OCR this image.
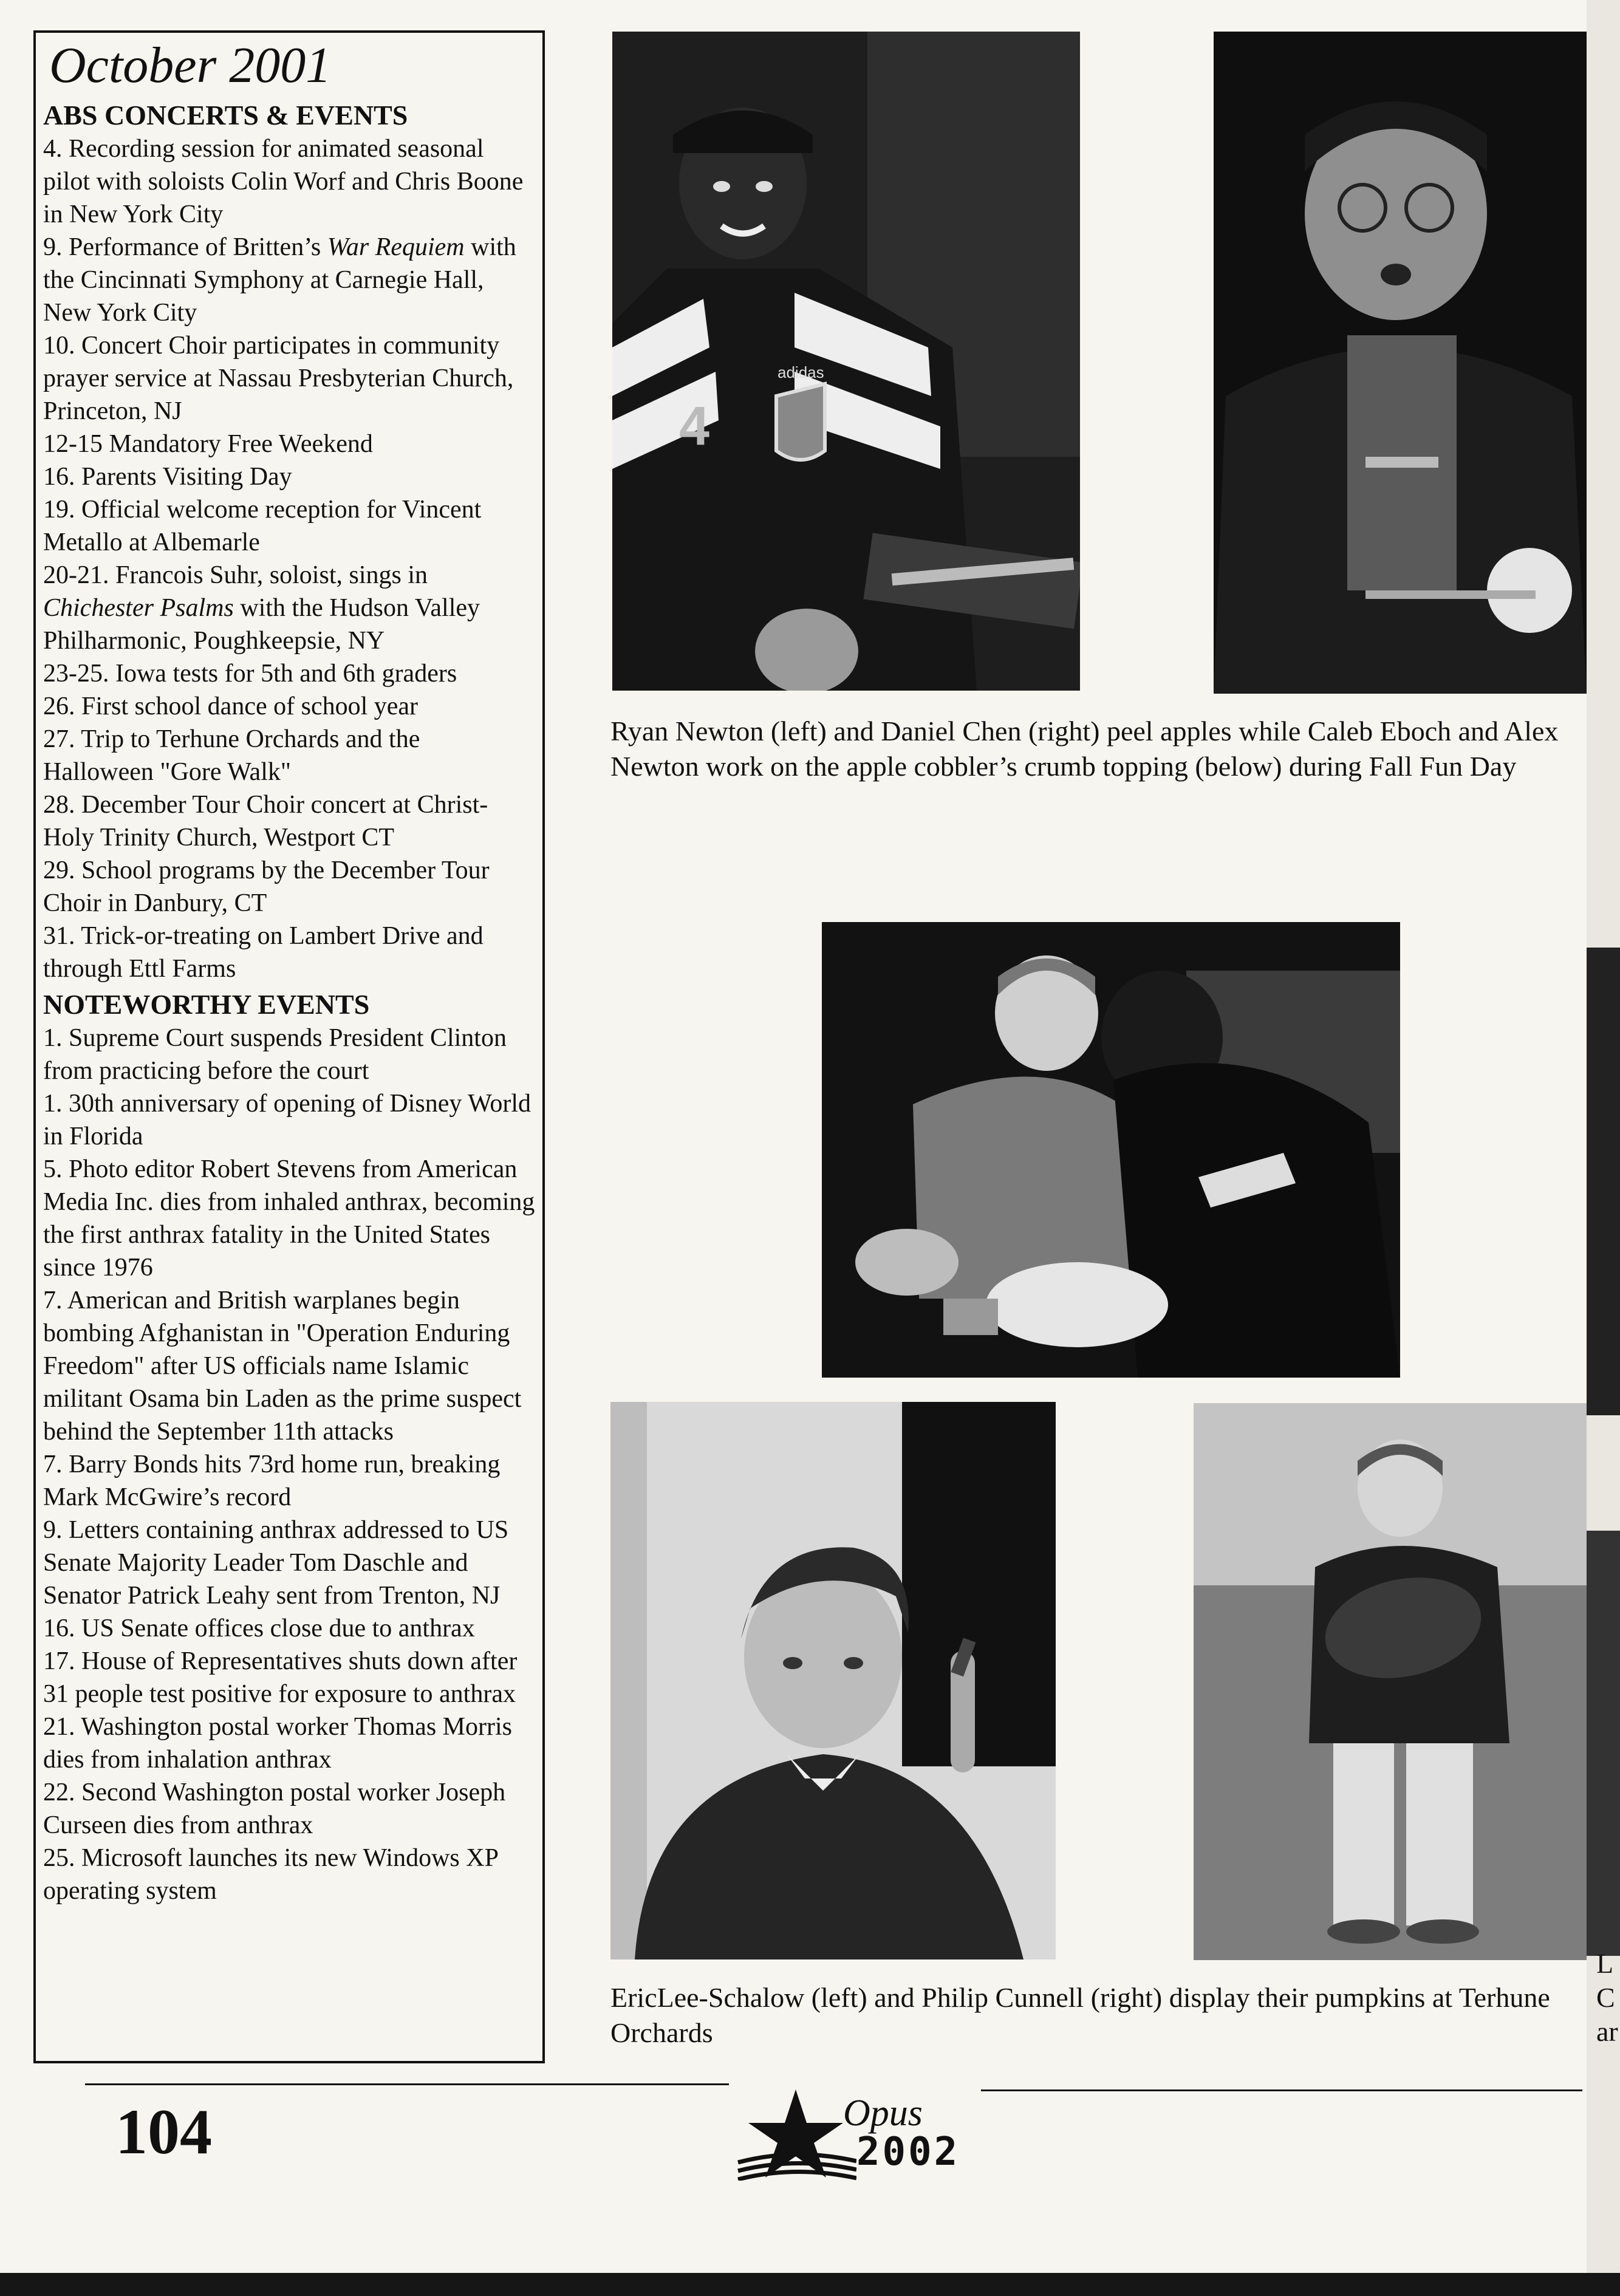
October 2001
ABS CONCERTS & EVENTS

4. Recording session for animated seasonal pilot with soloists Colin Worf and Chris Boone in New York City

9. Performance of Britten’s War Requiem with the Cincinnati Symphony at Carnegie Hall, New York City

10. Concert Choir participates in community prayer service at Nassau Presbyterian Church, Princeton, NJ

12-15 Mandatory Free Weekend

16. Parents Visiting Day

19. Official welcome reception for Vincent Metallo at Albemarle

20-21. Francois Suhr, soloist, sings in Chichester Psalms with the Hudson Valley Philharmonic, Poughkeepsie, NY

23-25. Iowa tests for 5th and 6th graders

26. First school dance of school year

27. Trip to Terhune Orchards and the Halloween "Gore Walk"

28. December Tour Choir concert at Christ-Holy Trinity Church, Westport CT

29. School programs by the December Tour Choir in Danbury, CT

31. Trick-or-treating on Lambert Drive and through Ettl Farms

NOTEWORTHY EVENTS

1. Supreme Court suspends President Clinton from practicing before the court

1. 30th anniversary of opening of Disney World in Florida

5. Photo editor Robert Stevens from American Media Inc. dies from inhaled anthrax, becoming the first anthrax fatality in the United States since 1976

7. American and British warplanes begin bombing Afghanistan in "Operation Enduring Freedom" after US officials name Islamic militant Osama bin Laden as the prime suspect behind the September 11th attacks

7. Barry Bonds hits 73rd home run, breaking Mark McGwire’s record

9. Letters containing anthrax addressed to US Senate Majority Leader Tom Daschle and Senator Patrick Leahy sent from Trenton, NJ

16. US Senate offices close due to anthrax

17. House of Representatives shuts down after 31 people test positive for exposure to anthrax

21. Washington postal worker Thomas Morris dies from inhalation anthrax

22. Second Washington postal worker Joseph Curseen dies from anthrax

25. Microsoft launches its new Windows XP operating system

4
adidas
Ryan Newton (left) and Daniel Chen (right) peel apples while Caleb Eboch and Alex Newton work on the apple cobbler’s crumb topping (below) during Fall Fun Day
EricLee-Schalow (left) and Philip Cunnell (right) display their pumpkins at Terhune Orchards
104	Opus
2002
L
C
ar
